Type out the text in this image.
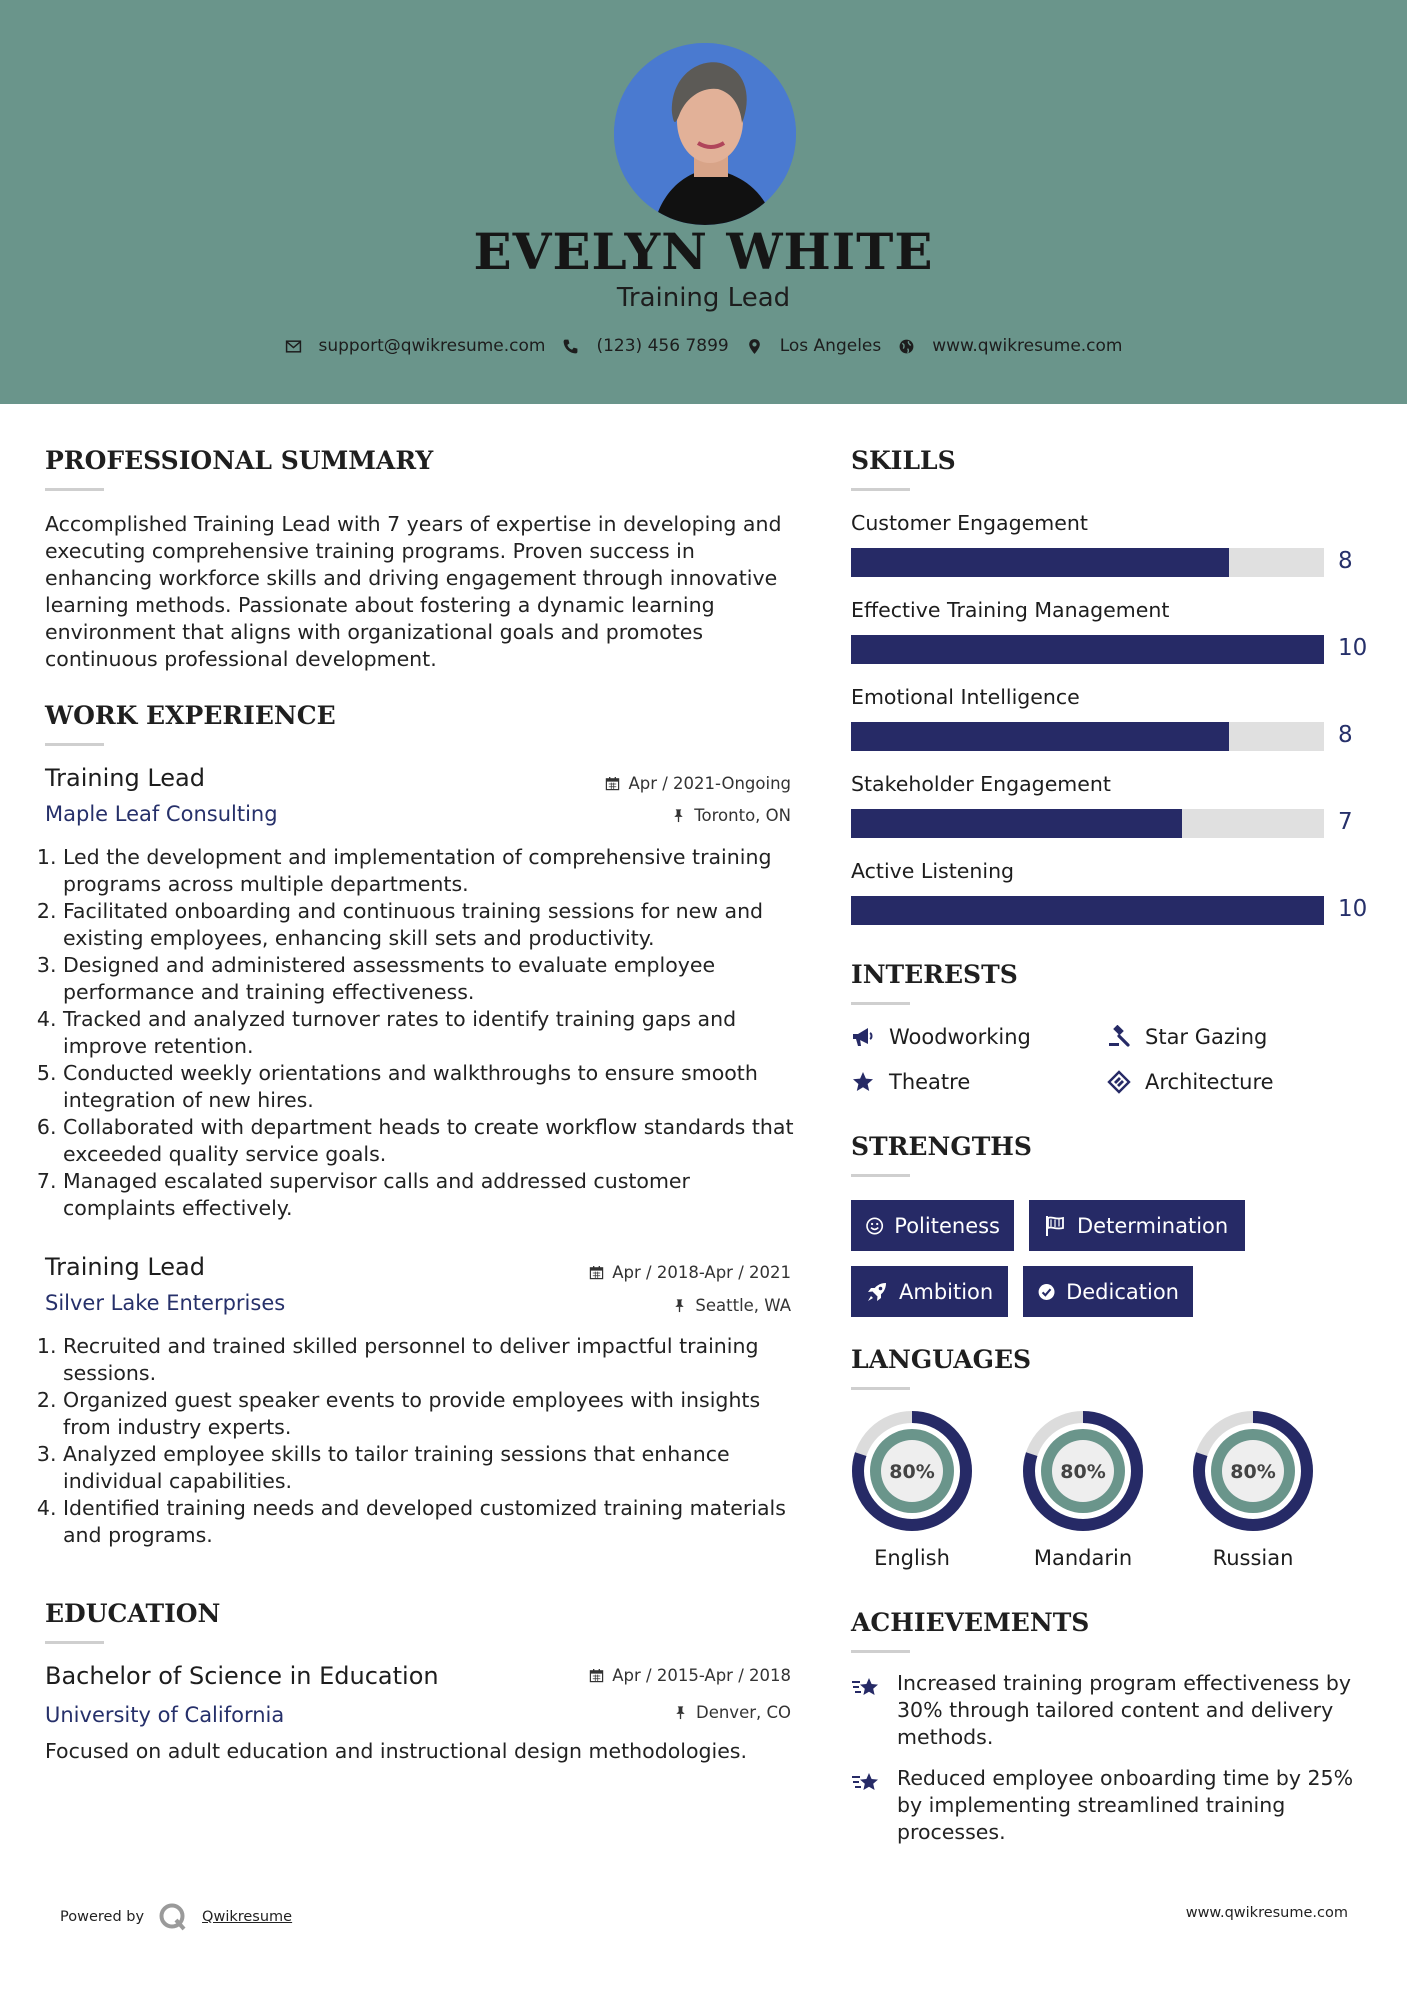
EVELYN WHITE
Training Lead
support@qwikresume.com	(123) 456 7899	Los Angeles	www.qwikresume.com
PROFESSIONAL SUMMARY
Accomplished Training Lead with 7 years of expertise in developing and executing comprehensive training programs. Proven success in enhancing workforce skills and driving engagement through innovative learning methods. Passionate about fostering a dynamic learning environment that aligns with organizational goals and promotes continuous professional development.
WORK EXPERIENCE
Training Lead	Apr / 2021-Ongoing
Maple Leaf Consulting	Toronto, ON
1. Led the development and implementation of comprehensive training programs across multiple departments.
2. Facilitated onboarding and continuous training sessions for new and existing employees, enhancing skill sets and productivity.
3. Designed and administered assessments to evaluate employee performance and training effectiveness.
4. Tracked and analyzed turnover rates to identify training gaps and improve retention.
5. Conducted weekly orientations and walkthroughs to ensure smooth integration of new hires.
6. Collaborated with department heads to create workflow standards that exceeded quality service goals.
7. Managed escalated supervisor calls and addressed customer complaints effectively.
Training Lead	Apr / 2018-Apr / 2021
Silver Lake Enterprises	Seattle, WA
1. Recruited and trained skilled personnel to deliver impactful training sessions.
2. Organized guest speaker events to provide employees with insights from industry experts.
3. Analyzed employee skills to tailor training sessions that enhance individual capabilities.
4. Identified training needs and developed customized training materials and programs.
EDUCATION
Bachelor of Science in Education	Apr / 2015-Apr / 2018
University of California	Denver, CO
Focused on adult education and instructional design methodologies.
SKILLS
Customer Engagement
8
Effective Training Management
10
Emotional Intelligence
8
Stakeholder Engagement
7
Active Listening
10
INTERESTS
Woodworking	Star Gazing
Theatre	Architecture
STRENGTHS
Politeness	Determination
Ambition	Dedication
LANGUAGES
80%
English
80%
Mandarin
80%
Russian
ACHIEVEMENTS
Increased training program effectiveness by 30% through tailored content and delivery methods.
Reduced employee onboarding time by 25% by implementing streamlined training processes.
Powered by	Qwikresume	www.qwikresume.com
